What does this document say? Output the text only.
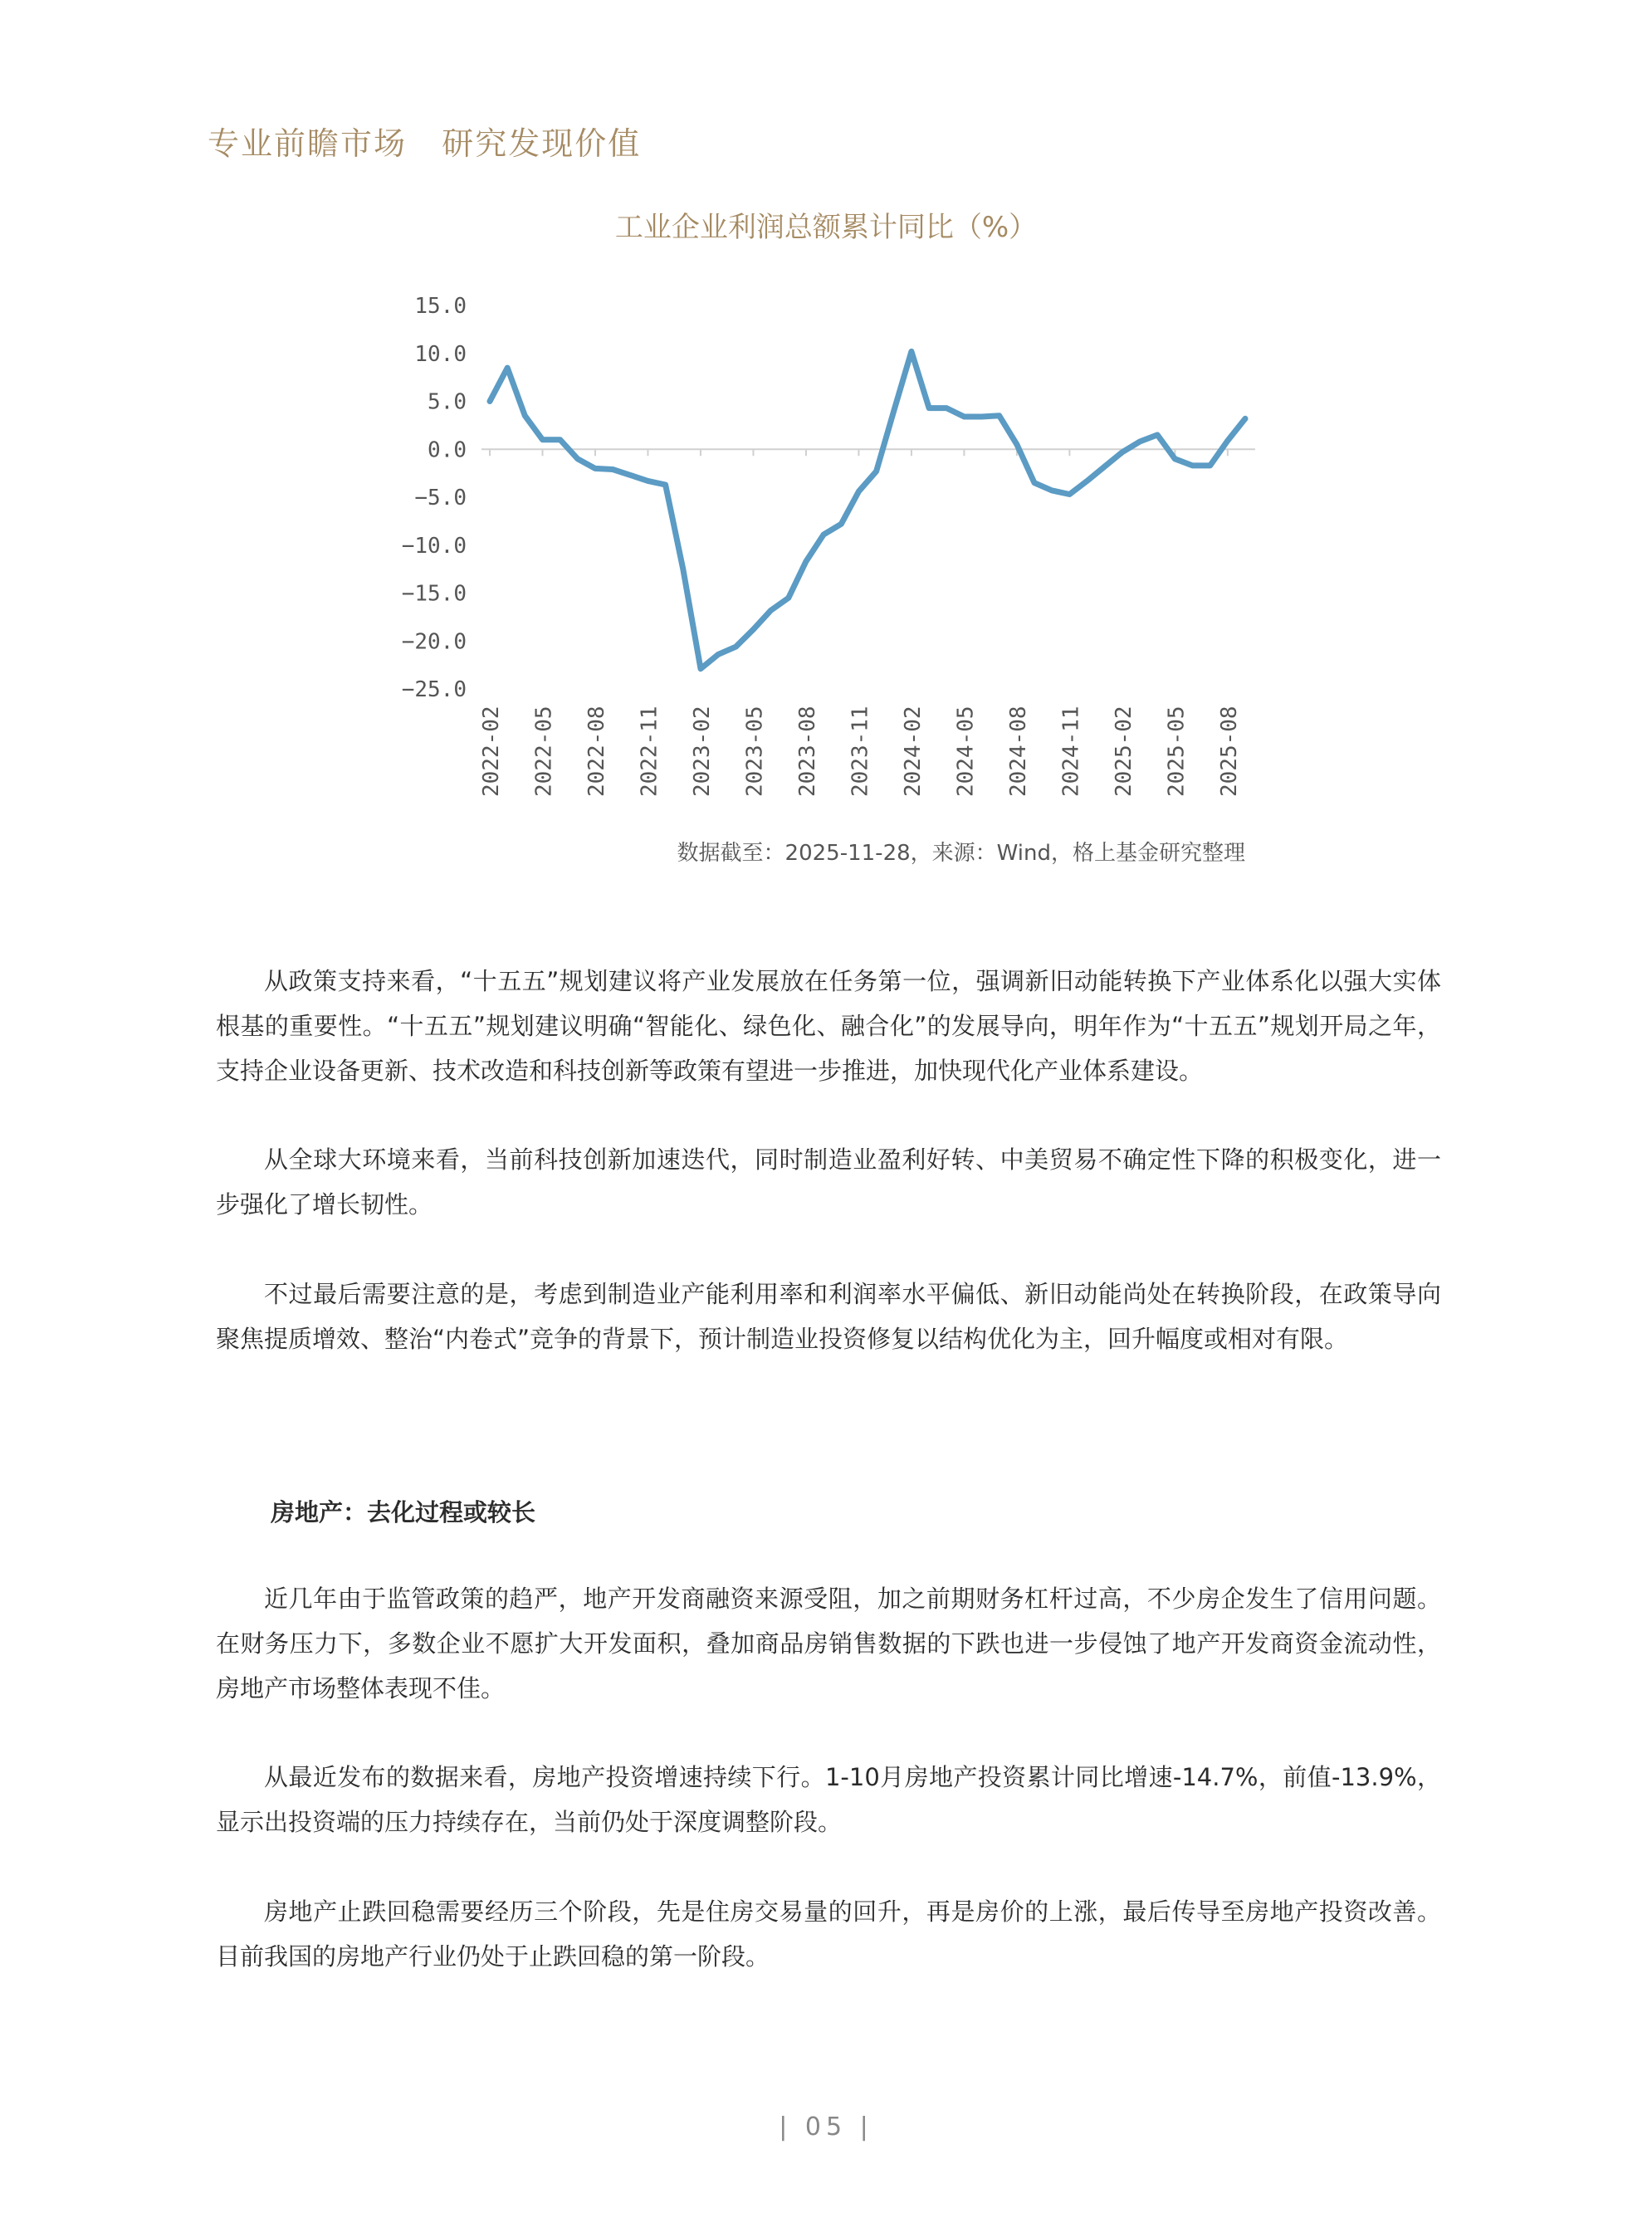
专业前瞻市场   研究发现价值
工业企业利润总额累计同比（%）
15.0
10.0
5.0
0.0
−5.0
−10.0
−15.0
−20.0
−25.0
2022-02 2022-05 2022-08 2022-11 2023-02 2023-05 2023-08 2023-11 2024-02 2024-05 2024-08 2024-11 2025-02 2025-05 2025-08
数据截至：2025-11-28，来源：Wind，格上基金研究整理

从政策支持来看，“十五五”规划建议将产业发展放在任务第一位，强调新旧动能转换下产业体系化以强大实体根基的重要性。“十五五”规划建议明确“智能化、绿色化、融合化”的发展导向，明年作为“十五五”规划开局之年，支持企业设备更新、技术改造和科技创新等政策有望进一步推进，加快现代化产业体系建设。

从全球大环境来看，当前科技创新加速迭代，同时制造业盈利好转、中美贸易不确定性下降的积极变化，进一步强化了增长韧性。

不过最后需要注意的是，考虑到制造业产能利用率和利润率水平偏低、新旧动能尚处在转换阶段，在政策导向聚焦提质增效、整治“内卷式”竞争的背景下，预计制造业投资修复以结构优化为主，回升幅度或相对有限。

房地产：去化过程或较长

近几年由于监管政策的趋严，地产开发商融资来源受阻，加之前期财务杠杆过高，不少房企发生了信用问题。在财务压力下，多数企业不愿扩大开发面积，叠加商品房销售数据的下跌也进一步侵蚀了地产开发商资金流动性，房地产市场整体表现不佳。

从最近发布的数据来看，房地产投资增速持续下行。1-10月房地产投资累计同比增速-14.7%，前值-13.9%，显示出投资端的压力持续存在，当前仍处于深度调整阶段。

房地产止跌回稳需要经历三个阶段，先是住房交易量的回升，再是房价的上涨，最后传导至房地产投资改善。目前我国的房地产行业仍处于止跌回稳的第一阶段。

| 05 |
